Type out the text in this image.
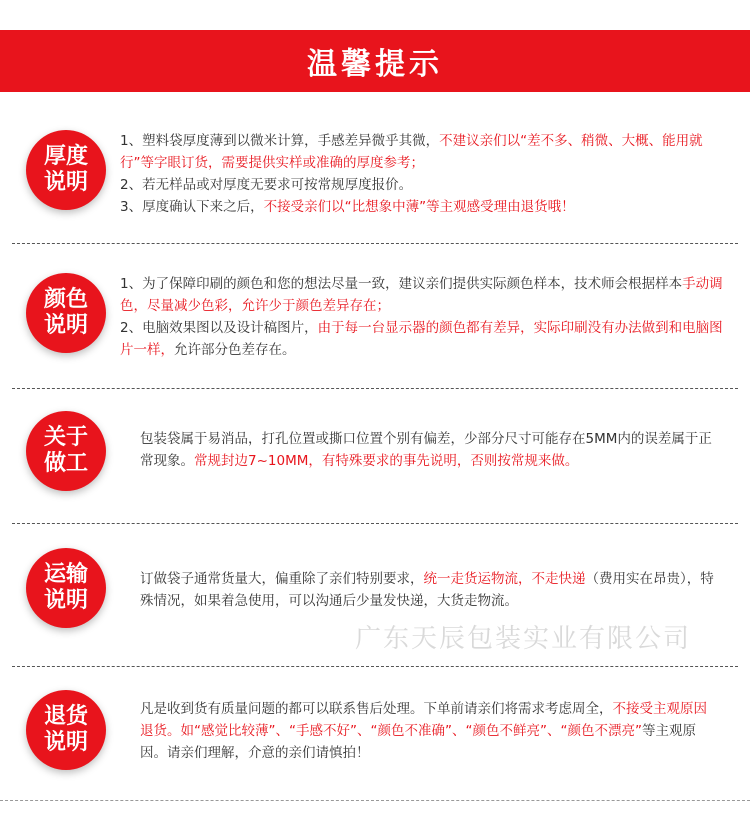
温馨提示
厚度
说明

1、塑料袋厚度薄到以微米计算，手感差异微乎其微，不建议亲们以“差不多、稍微、大概、能用就行”等字眼订货，需要提供实样或准确的厚度参考；

2、若无样品或对厚度无要求可按常规厚度报价。

3、厚度确认下来之后，不接受亲们以“比想象中薄”等主观感受理由退货哦！

颜色
说明

1、为了保障印刷的颜色和您的想法尽量一致，建议亲们提供实际颜色样本，技术师会根据样本手动调色，尽量减少色彩，允许少于颜色差异存在；

2、电脑效果图以及设计稿图片，由于每一台显示器的颜色都有差异，实际印刷没有办法做到和电脑图片一样，允许部分色差存在。

关于
做工

包装袋属于易消品，打孔位置或撕口位置个别有偏差，少部分尺寸可能存在5MM内的误差属于正常现象。常规封边7~10MM，有特殊要求的事先说明，否则按常规来做。

运输
说明

订做袋子通常货量大，偏重除了亲们特别要求，统一走货运物流，不走快递（费用实在昂贵），特殊情况，如果着急使用，可以沟通后少量发快递，大货走物流。

广东天辰包装实业有限公司
退货
说明

凡是收到货有质量问题的都可以联系售后处理。下单前请亲们将需求考虑周全，不接受主观原因退货。如“感觉比较薄”、“手感不好”、“颜色不准确”、“颜色不鲜亮”、“颜色不漂亮”等主观原因。请亲们理解，介意的亲们请慎拍！
